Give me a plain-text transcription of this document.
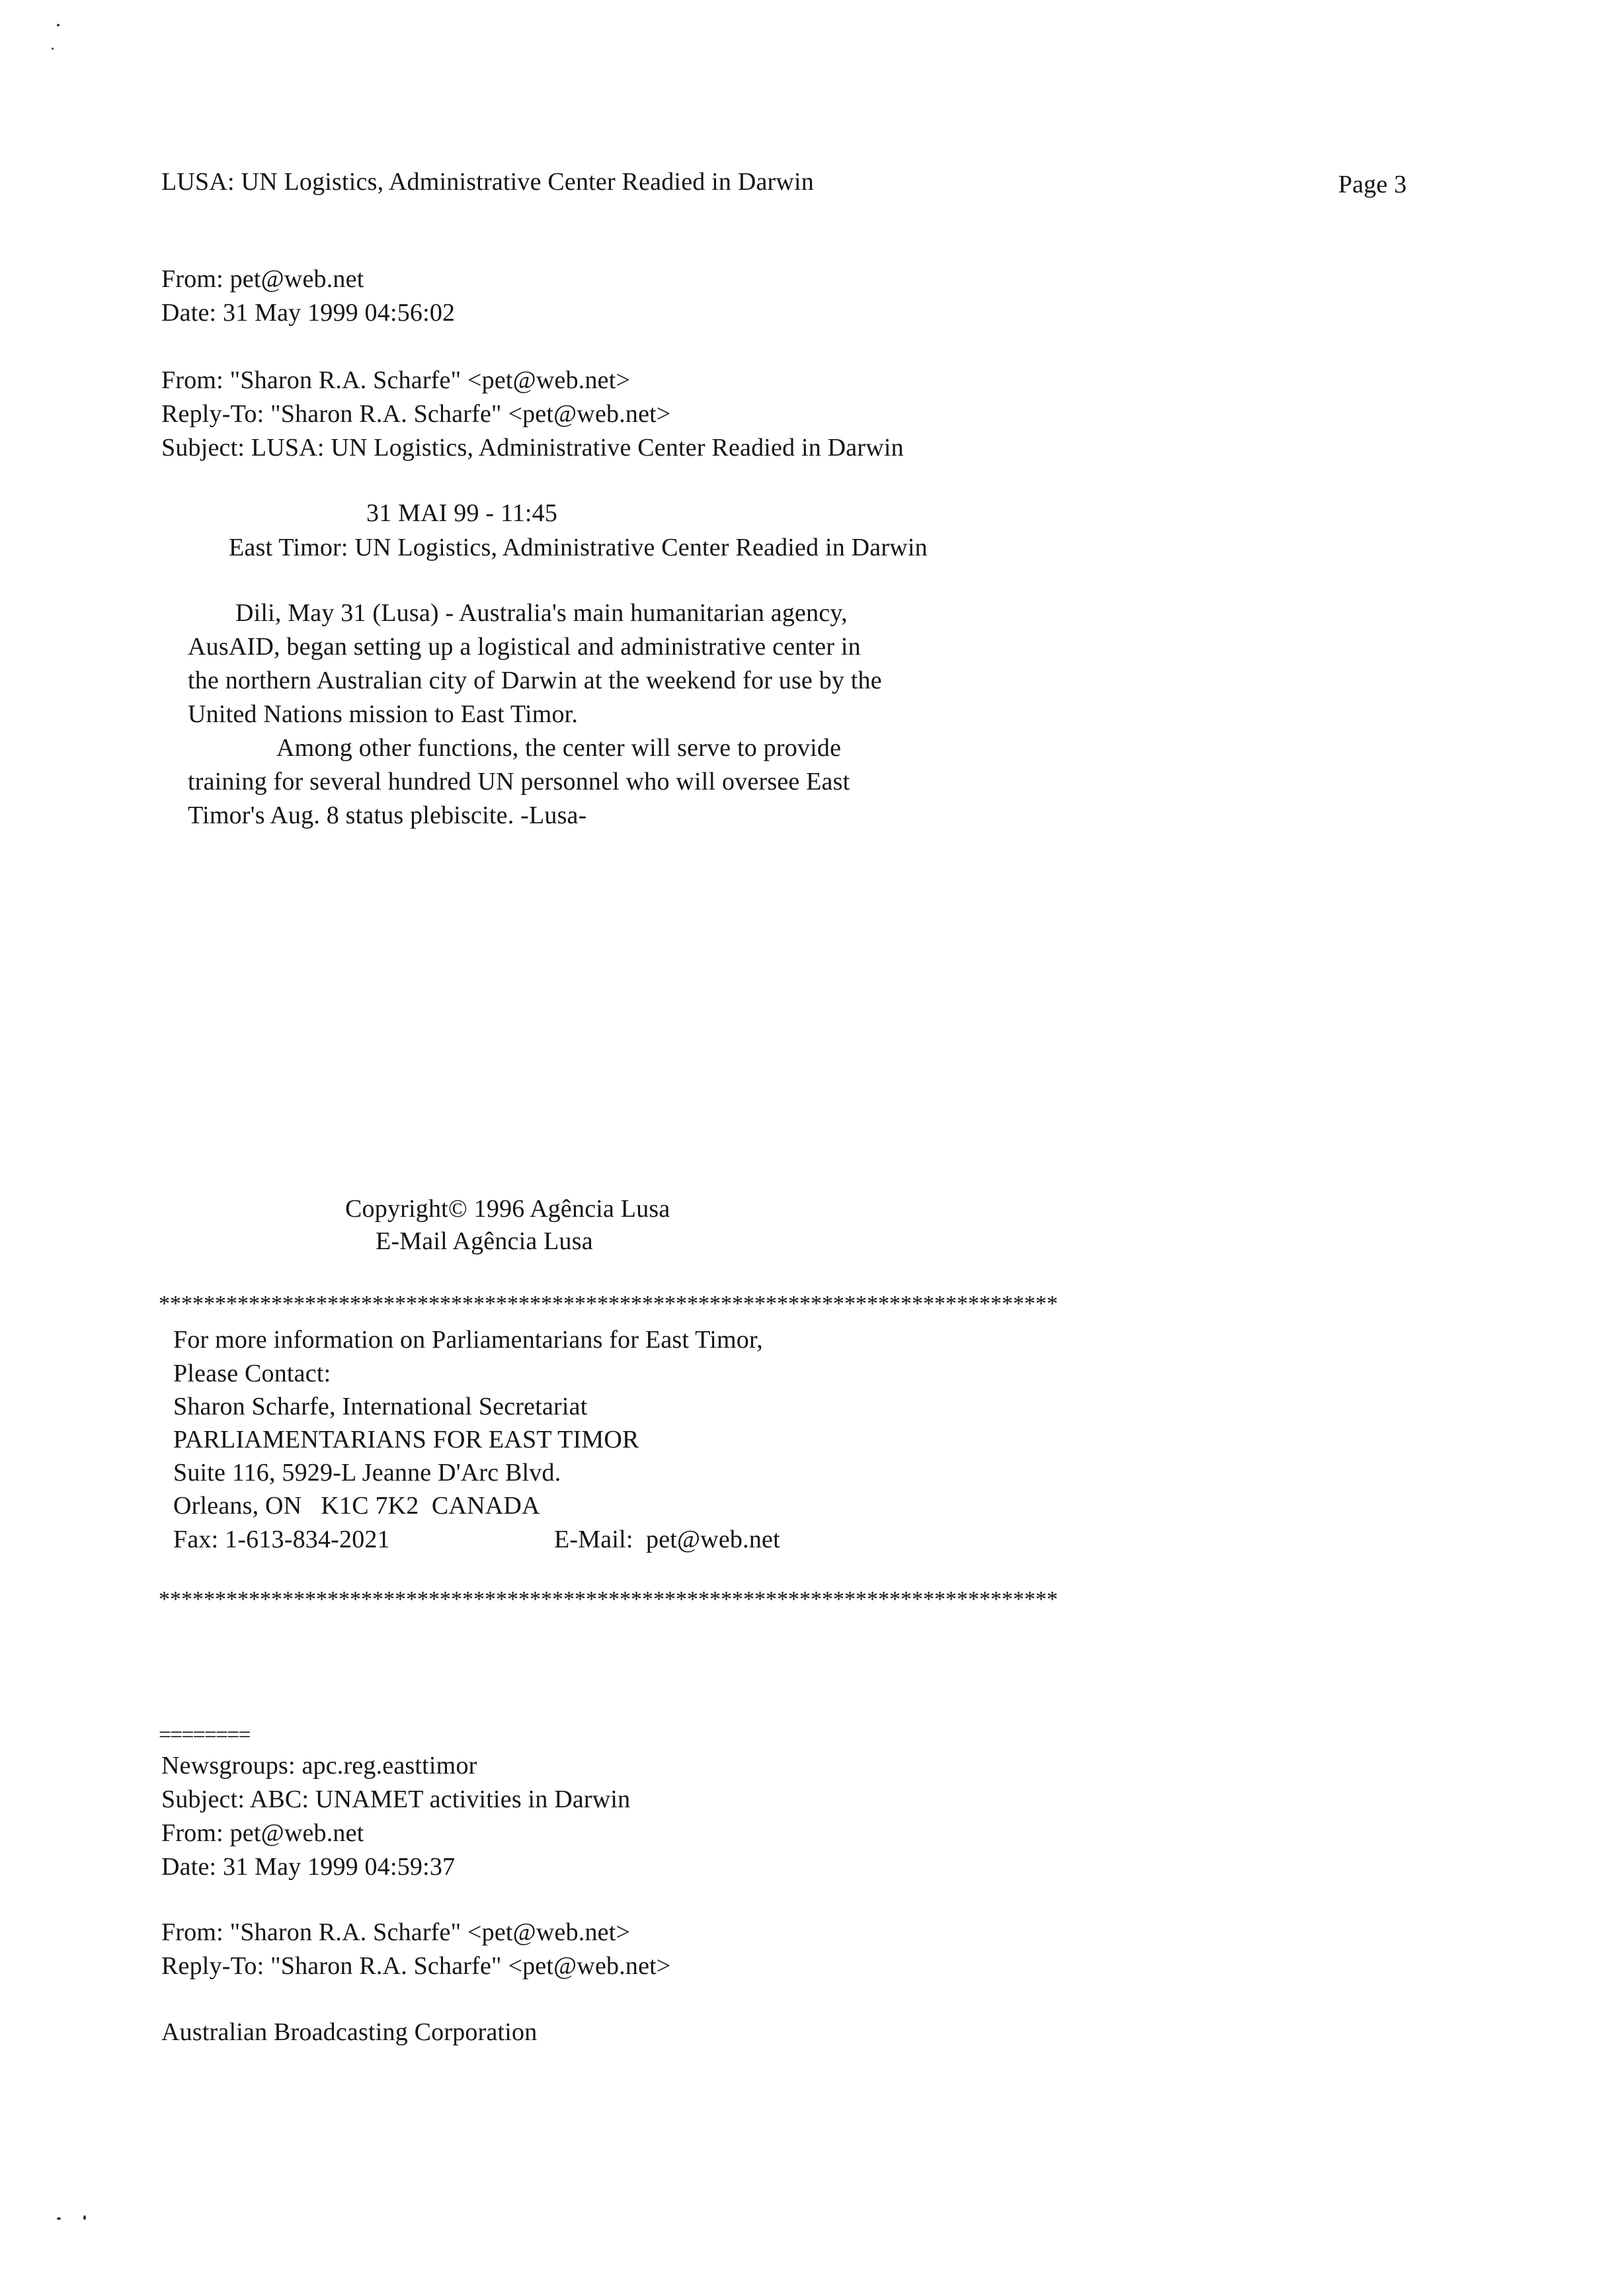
LUSA: UN Logistics, Administrative Center Readied in Darwin	Page 3
From: pet@web.net
Date: 31 May 1999 04:56:02
From: "Sharon R.A. Scharfe" <pet@web.net>
Reply-To: "Sharon R.A. Scharfe" <pet@web.net>
Subject: LUSA: UN Logistics, Administrative Center Readied in Darwin
31 MAI 99 - 11:45
East Timor: UN Logistics, Administrative Center Readied in Darwin
Dili, May 31 (Lusa) - Australia's main humanitarian agency,
AusAID, began setting up a logistical and administrative center in
the northern Australian city of Darwin at the weekend for use by the
United Nations mission to East Timor.
Among other functions, the center will serve to provide
training for several hundred UN personnel who will oversee East
Timor's Aug. 8 status plebiscite. -Lusa-
Copyright© 1996 Agência Lusa
E-Mail Agência Lusa
********************************************************************************
For more information on Parliamentarians for East Timor,
Please Contact:
Sharon Scharfe, International Secretariat
PARLIAMENTARIANS FOR EAST TIMOR
Suite 116, 5929-L Jeanne D'Arc Blvd.
Orleans, ON   K1C 7K2  CANADA
Fax: 1-613-834-2021	E-Mail:  pet@web.net
********************************************************************************
========
Newsgroups: apc.reg.easttimor
Subject: ABC: UNAMET activities in Darwin
From: pet@web.net
Date: 31 May 1999 04:59:37
From: "Sharon R.A. Scharfe" <pet@web.net>
Reply-To: "Sharon R.A. Scharfe" <pet@web.net>
Australian Broadcasting Corporation
